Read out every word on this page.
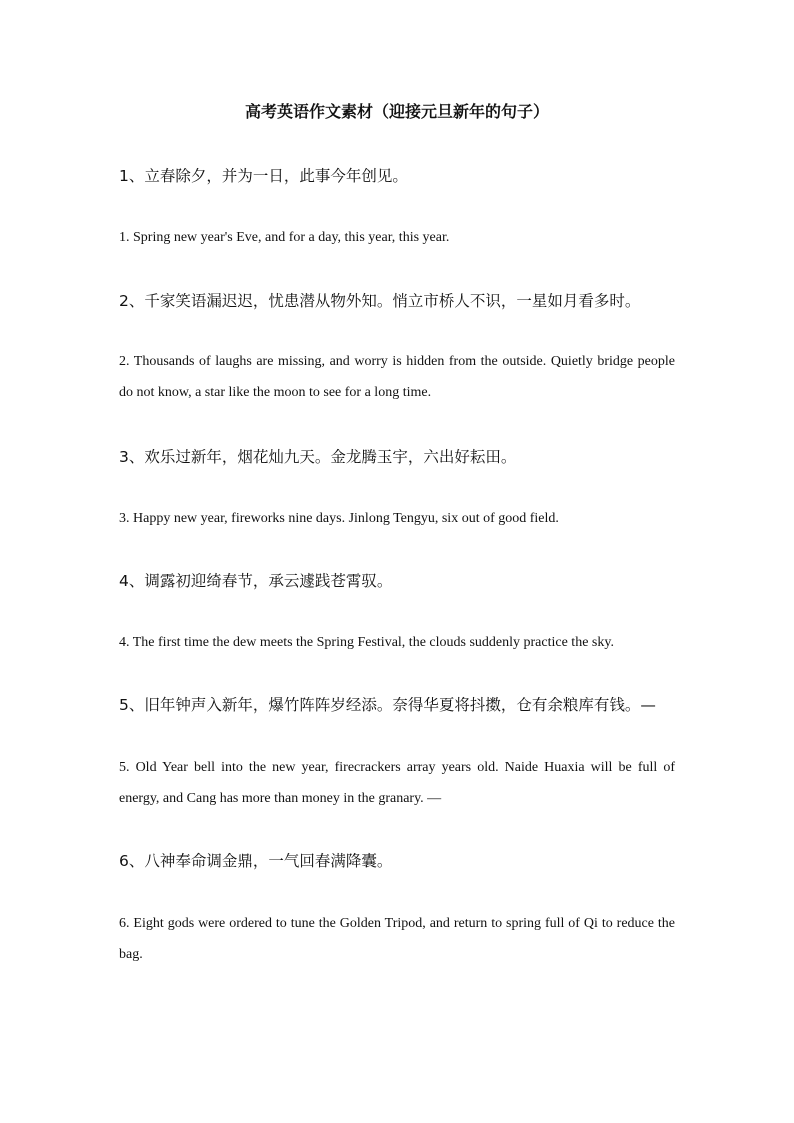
高考英语作文素材（迎接元旦新年的句子）
1、立春除夕，并为一日，此事今年创见。
1. Spring new year's Eve, and for a day, this year, this year.
2、千家笑语漏迟迟，忧患潜从物外知。悄立市桥人不识，一星如月看多时。
2. Thousands of laughs are missing, and worry is hidden from the outside. Quietly bridge people do not know, a star like the moon to see for a long time.
3、欢乐过新年，烟花灿九天。金龙腾玉宇，六出好耘田。
3. Happy new year, fireworks nine days. Jinlong Tengyu, six out of good field.
4、调露初迎绮春节，承云遽践苍霄驭。
4. The first time the dew meets the Spring Festival, the clouds suddenly practice the sky.
5、旧年钟声入新年，爆竹阵阵岁经添。奈得华夏将抖擞，仓有余粮库有钱。—
5. Old Year bell into the new year, firecrackers array years old. Naide Huaxia will be full of energy, and Cang has more than money in the granary. —
6、八神奉命调金鼎，一气回春满降囊。
6. Eight gods were ordered to tune the Golden Tripod, and return to spring full of Qi to reduce the bag.
